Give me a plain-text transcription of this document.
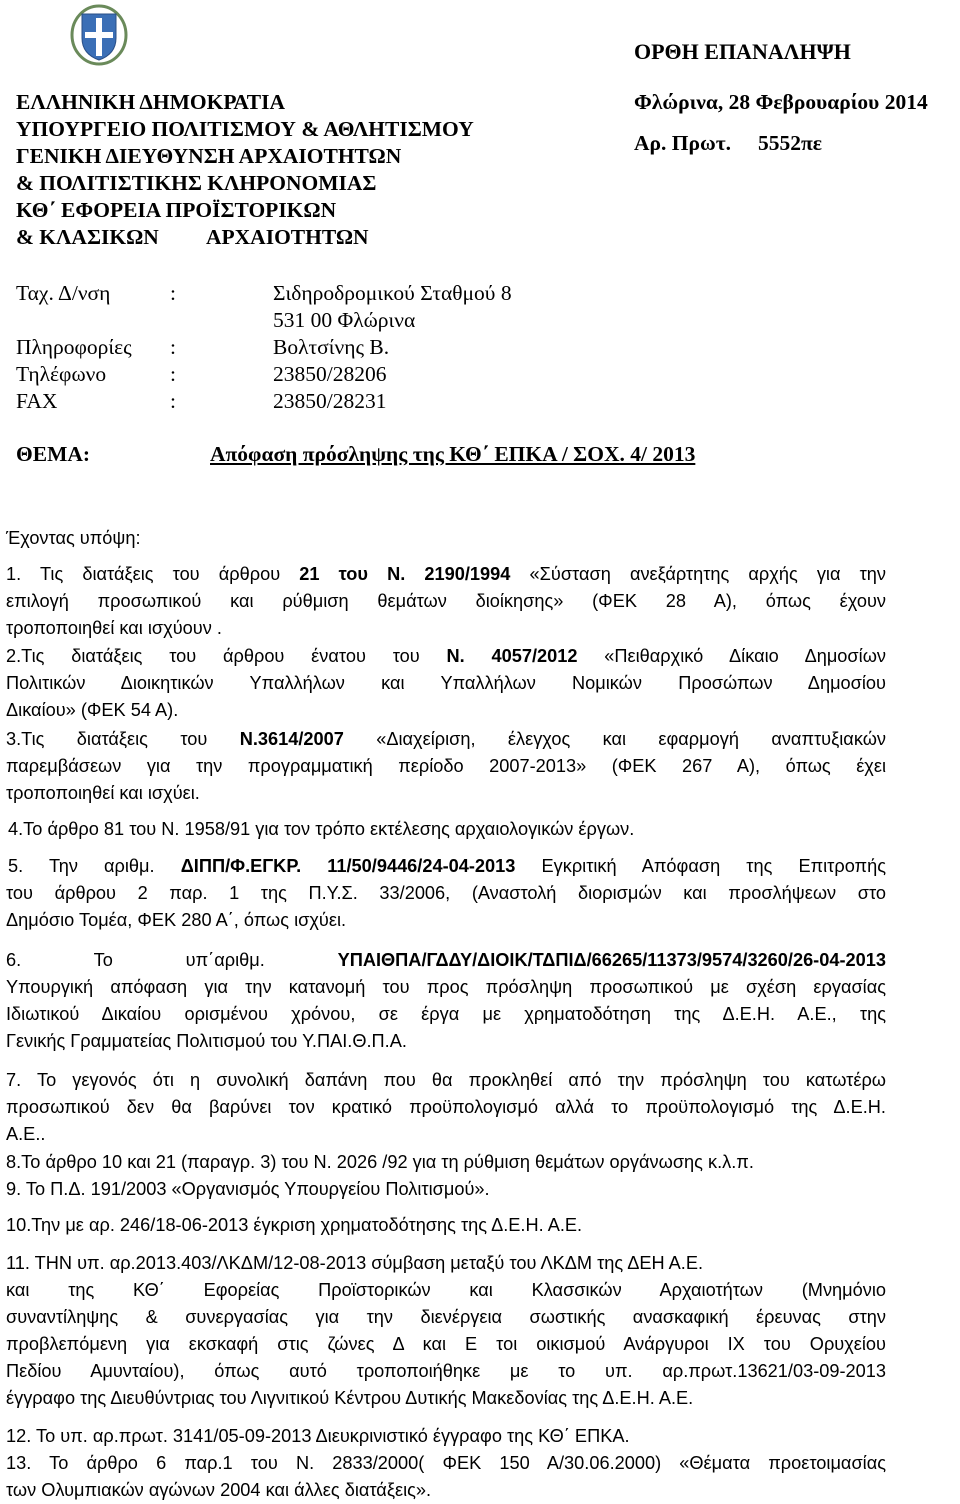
ΟΡΘΗ ΕΠΑΝΑΛΗΨΗ
ΕΛΛΗΝΙΚΗ ΔΗΜΟΚΡΑΤΙΑ
ΥΠΟΥΡΓΕΙΟ ΠΟΛΙΤΙΣΜΟΥ & ΑΘΛΗΤΙΣΜΟΥ
ΓΕΝΙΚΗ ΔΙΕΥΘΥΝΣΗ ΑΡΧΑΙΟΤΗΤΩΝ
& ΠΟΛΙΤΙΣΤΙΚΗΣ ΚΛΗΡΟΝΟΜΙΑΣ
ΚΘ΄ ΕΦΟΡΕΙΑ ΠΡΟΪΣΤΟΡΙΚΩΝ
& ΚΛΑΣΙΚΩΝ ΑΡΧΑΙΟΤΗΤΩΝ
Φλώρινα, 28 Φεβρουαρίου 2014
Αρ. Πρωτ. 5552πε
Ταχ. Δ/νση	:	Σιδηροδρομικού Σταθμού 8
531 00 Φλώρινα
Πληροφορίες :	Βολτσίνης Β.
Τηλέφωνο	:	23850/28206
FAX	:	23850/28231
ΘΕΜΑ:	Απόφαση πρόσληψης της ΚΘ΄ ΕΠΚΑ / ΣΟΧ. 4/ 2013
Έχοντας υπόψη:
1. Τις διατάξεις του άρθρου 21 του Ν. 2190/1994 «Σύσταση ανεξάρτητης αρχής για την
επιλογή προσωπικού και ρύθμιση θεμάτων διοίκησης» (ΦΕΚ 28 Α), όπως έχουν
τροποποιηθεί και ισχύουν .
2.Τις διατάξεις του άρθρου ένατου του Ν. 4057/2012 «Πειθαρχικό Δίκαιο Δημοσίων
Πολιτικών Διοικητικών Υπαλλήλων και Υπαλλήλων Νομικών Προσώπων Δημοσίου
Δικαίου» (ΦΕΚ 54 Α).
3.Τις διατάξεις του Ν.3614/2007 «Διαχείριση, έλεγχος και εφαρμογή αναπτυξιακών
παρεμβάσεων για την προγραμματική περίοδο 2007-2013» (ΦΕΚ 267 Α), όπως έχει
τροποποιηθεί και ισχύει.
4.Το άρθρο 81 του Ν. 1958/91 για τον τρόπο εκτέλεσης αρχαιολογικών έργων.
5. Την αριθμ. ΔΙΠΠ/Φ.ΕΓΚΡ. 11/50/9446/24-04-2013 Εγκριτική Απόφαση της Επιτροπής
του άρθρου 2 παρ. 1 της Π.Υ.Σ. 33/2006, (Αναστολή διορισμών και προσλήψεων στο
Δημόσιο Τομέα, ΦΕΚ 280 Α΄, όπως ισχύει.
6. Το υπ΄αριθμ.	ΥΠΑΙΘΠΑ/ΓΔΔΥ/ΔΙΟΙΚ/ΤΔΠΙΔ/66265/11373/9574/3260/26-04-2013
Υπουργική απόφαση για την κατανομή του προς πρόσληψη προσωπικού με σχέση εργασίας
Ιδιωτικού Δικαίου ορισμένου χρόνου, σε έργα με χρηματοδότηση της Δ.Ε.Η. Α.Ε., της
Γενικής Γραμματείας Πολιτισμού του Υ.ΠΑΙ.Θ.Π.Α.
7. Το γεγονός ότι η συνολική δαπάνη που θα προκληθεί από την πρόσληψη του κατωτέρω
προσωπικού δεν θα βαρύνει τον κρατικό προϋπολογισμό αλλά το προϋπολογισμό της Δ.Ε.Η.
Α.Ε..
8.Το άρθρο 10 και 21 (παραγρ. 3) του Ν. 2026 /92 για τη ρύθμιση θεμάτων οργάνωσης κ.λ.π.
9. Το Π.Δ. 191/2003 «Οργανισμός Υπουργείου Πολιτισμού».
10.Την με αρ. 246/18-06-2013 έγκριση χρηματοδότησης της Δ.Ε.Η. Α.Ε.
11. ΤΗΝ υπ. αρ.2013.403/ΛΚΔΜ/12-08-2013 σύμβαση μεταξύ του ΛΚΔΜ της ΔΕΗ Α.Ε.
και της ΚΘ΄ Εφορείας Προϊστορικών και Κλασσικών Αρχαιοτήτων (Μνημόνιο
συναντίληψης & συνεργασίας για την διενέργεια σωστικής ανασκαφική έρευνας στην
προβλεπόμενη για εκσκαφή στις ζώνες Δ και Ε τοι οικισμού Ανάργυροι ΙΧ του Ορυχείου
Πεδίου Αμυνταίου), όπως αυτό τροποποιήθηκε με το υπ. αρ.πρωτ.13621/03-09-2013
έγγραφο της Διευθύντριας του Λιγνιτικού Κέντρου Δυτικής Μακεδονίας της Δ.Ε.Η. Α.Ε.
12. Το υπ. αρ.πρωτ. 3141/05-09-2013 Διευκρινιστικό έγγραφο της ΚΘ΄ ΕΠΚΑ.
13. Το άρθρο 6 παρ.1 του Ν. 2833/2000( ΦΕΚ 150 Α/30.06.2000) «Θέματα προετοιμασίας
των Ολυμπιακών αγώνων 2004 και άλλες διατάξεις».
